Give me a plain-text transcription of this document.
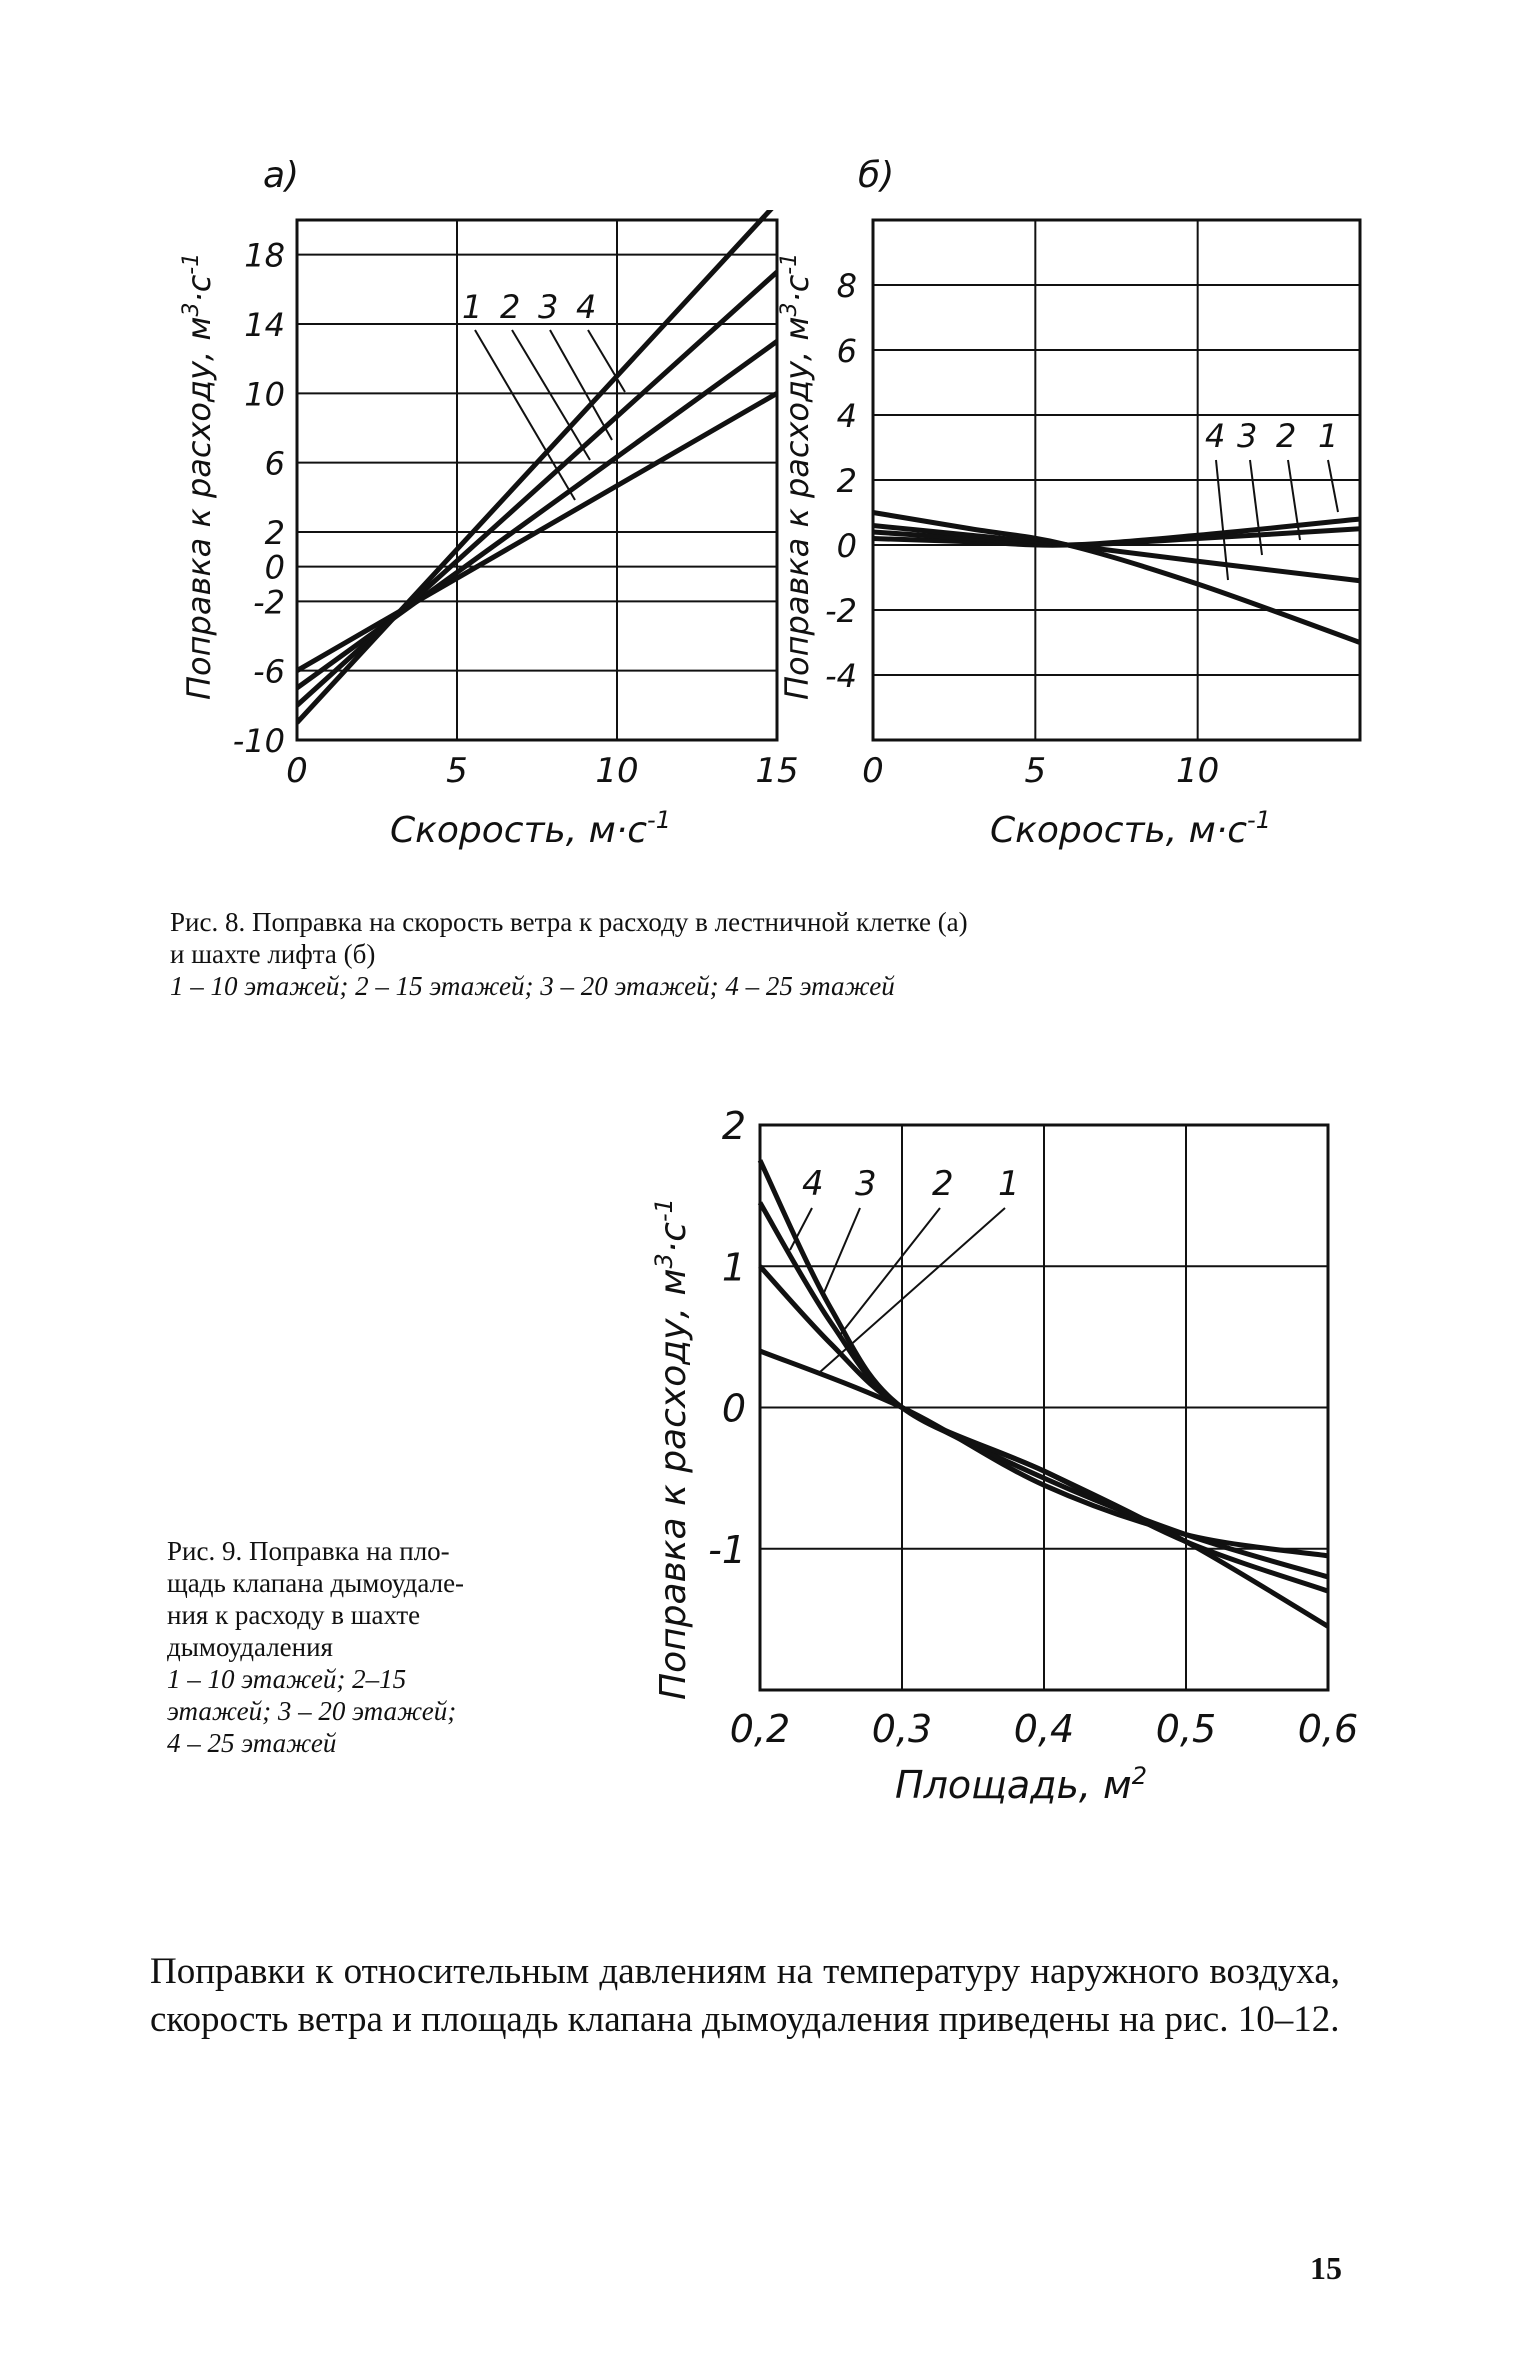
а)
18
14
10
6
2
0
-2
-6
-10
0	5	10	15
1 2 3 4
Поправка к расходу, $м^3\cdot с^{-1}$
Скорость, $м\cdot с^{-1}$
б)
8
6
4
2
0
-2
-4
0	5	10
4 3 2 1
Поправка к расходу, $м^3\cdot с^{-1}$
Скорость, $м\cdot с^{-1}$
Рис. 8. Поправка на скорость ветра к расходу в лестничной клетке (а)
и шахте лифта (б)
1 – 10 этажей; 2 – 15 этажей; 3 – 20 этажей; 4 – 25 этажей
2
1
0
-1
0,2 0,3 0,4 0,5 0,6
4 3 2 1
Поправка к расходу, $м^3\cdot с^{-1}$
Площадь, $м^2$
Рис. 9. Поправка на пло-
щадь клапана дымоудале-
ния к расходу в шахте
дымоудаления
1 – 10 этажей; 2–15
этажей; 3 – 20 этажей;
4 – 25 этажей
Поправки к относительным давлениям на температуру наружного воздуха, скорость ветра и площадь клапана дымоудаления приведены на рис. 10–12.
15
